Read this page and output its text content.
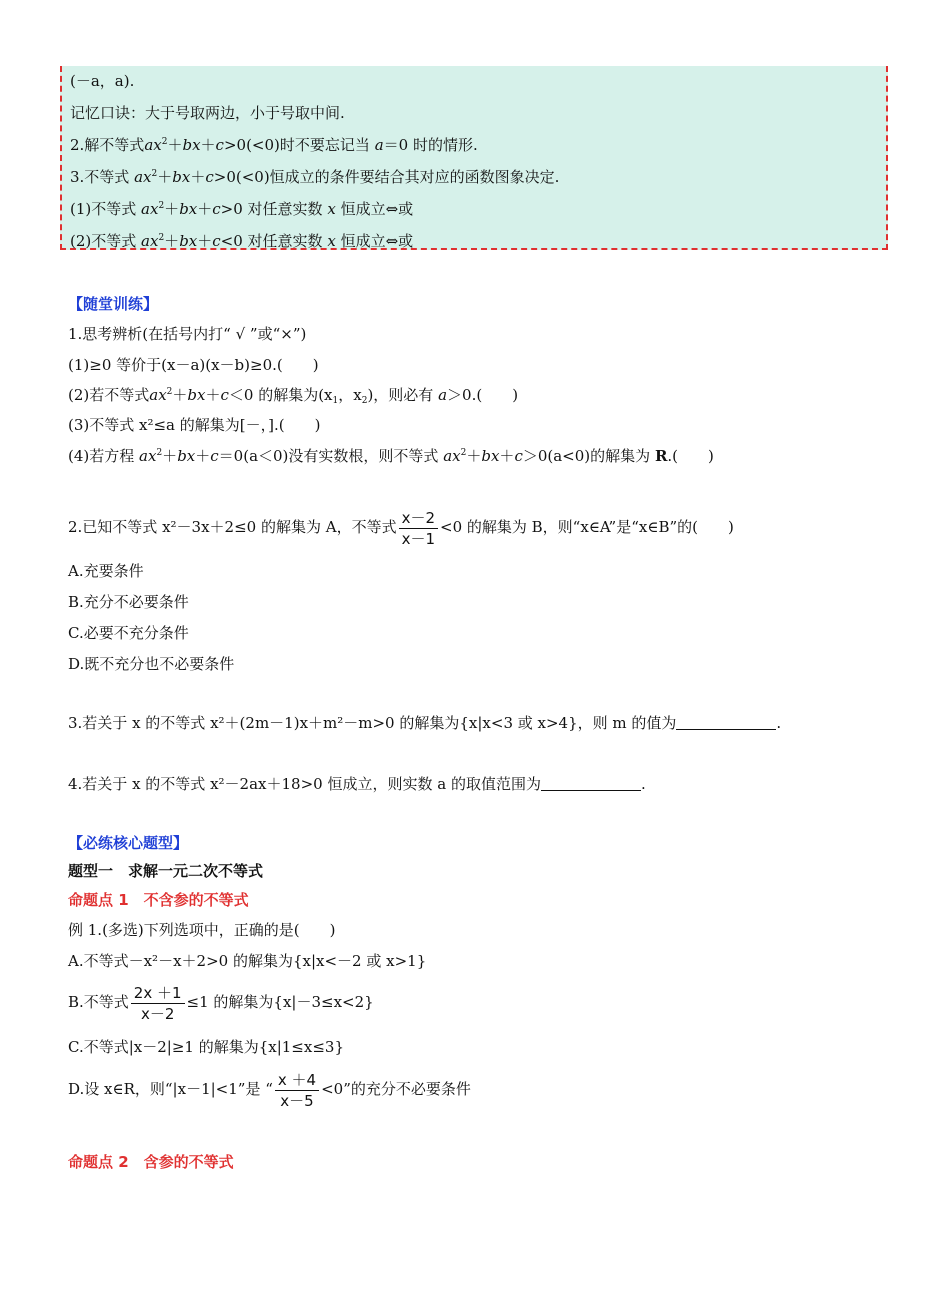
(－a，a).
记忆口诀：大于号取两边，小于号取中间.
2.解不等式$ax^2+bx+c>0(<0)$时不要忘记当 a＝0 时的情形.
3.不等式 $ax^2+bx+c>0(<0)$恒成立的条件要结合其对应的函数图象决定.
(1)不等式 $ax^2+bx+c>0$ 对任意实数 x 恒成立⇔或
(2)不等式 $ax^2+bx+c<0$ 对任意实数 x 恒成立⇔或
【随堂训练】
1.思考辨析(在括号内打“ √ ”或“×”)
(1)≥0 等价于(x－a)(x－b)≥0.(　　)
(2)若不等式$ax^2+bx+c<0$ 的解集为($x_1$，$x_2$)，则必有 a＞0.(　　)
(3)不等式 x²≤a 的解集为[－，].(　　)
(4)若方程 $ax^2+bx+c=0(a<0)$没有实数根，则不等式 $ax^2+bx+c>0(a<0)$的解集为 R.(　　)
2.已知不等式 x²－3x＋2≤0 的解集为 A，不等式 $\frac{x-2}{x-1} <0$ 的解集为 B，则“x∈A”是“x∈B”的(　　)
A.充要条件
B.充分不必要条件
C.必要不充分条件
D.既不充分也不必要条件
3.若关于 x 的不等式 x²＋(2m－1)x＋m²－m>0 的解集为{x|x<3 或 x>4}，则 m 的值为	.
4.若关于 x 的不等式 x²－2ax＋18>0 恒成立，则实数 a 的取值范围为	.
【必练核心题型】
题型一　求解一元二次不等式
命题点 1　不含参的不等式
例 1.(多选)下列选项中，正确的是(　　)
A.不等式－x²－x＋2>0 的解集为{x|x<－2 或 x>1}
B.不等式 $\frac{2x +1}{x-2} \le 1$ 的解集为{x|－3≤x<2}
C.不等式|x－2|≥1 的解集为{x|1≤x≤3}
D.设 x∈R，则“|x－1|<1”是 “ $\frac{x +4}{x-5} <0$”的充分不必要条件
命题点 2　含参的不等式
